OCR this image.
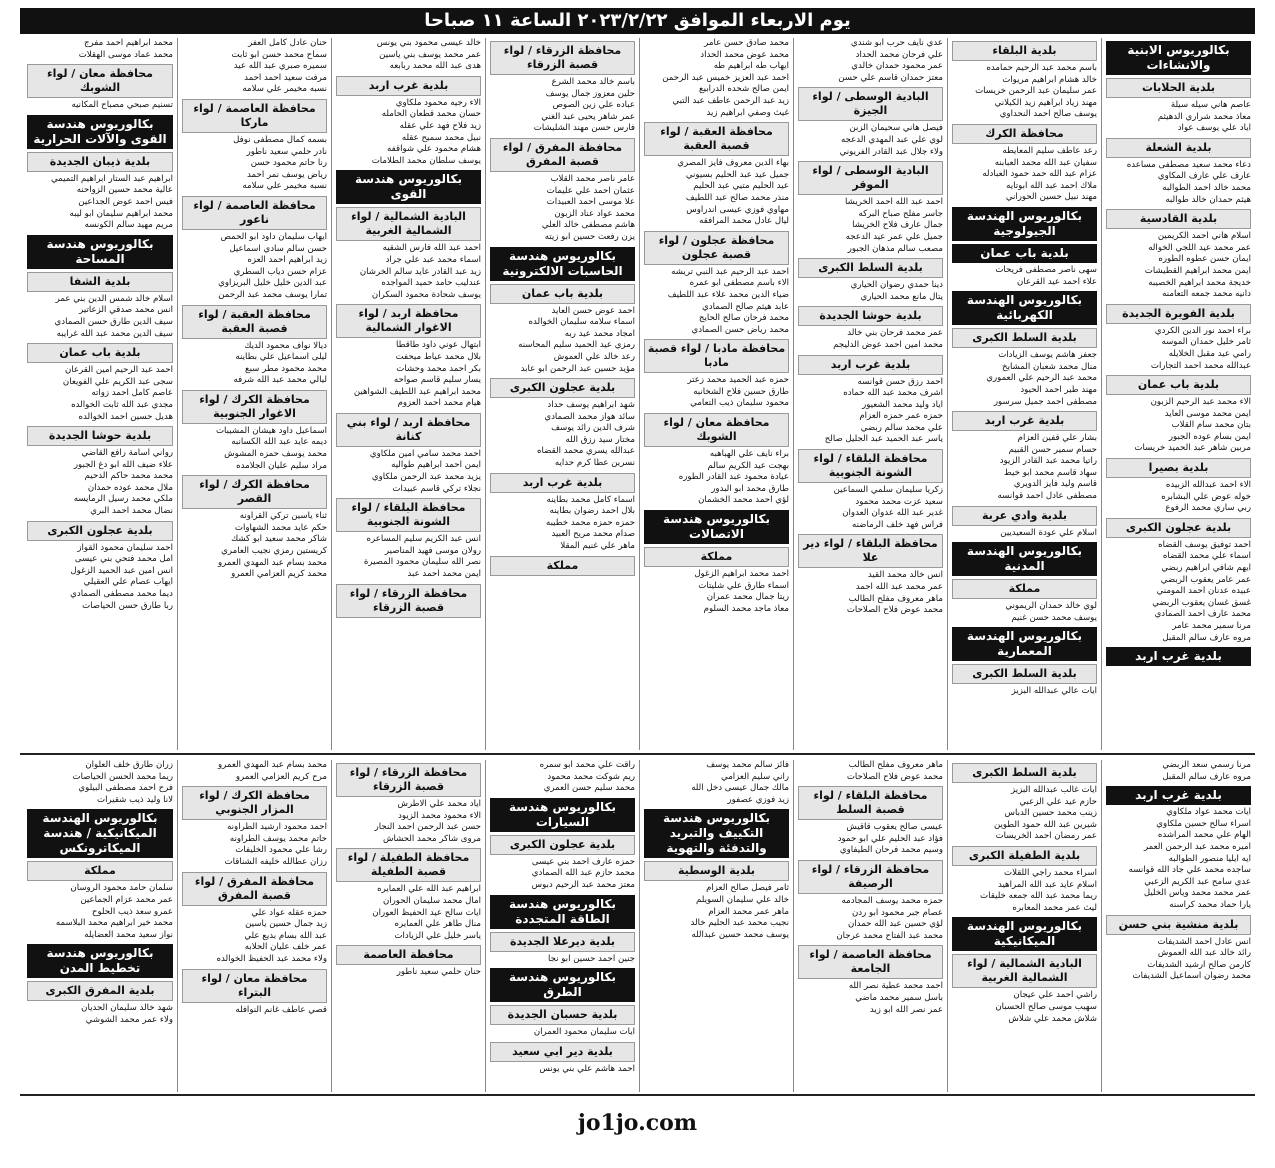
يوم الاربعاء الموافق ٢٠٢٣/٢/٢٢ الساعة ١١ صباحا
بكالوريوس الابنية والانشاءات
بلدية الحلابات
عاصم هاني سيله سيلة
معاذ محمد شراري الدهيثم
اياد علي يوسف عواد
بلدية الشعلة
دعاء محمد سعيد مصطفى مساعده
عارف علي عارف المكاوي
محمد خالد احمد الطوالبه
هيثم حمدان خالد طوالبه
بلدية القادسية
اسلام هاني احمد الكريمين
عمر محمد عيد اللجي الخواله
ايمان حسن عطوه الطوره
ايمن محمد ابراهيم القطيشات
خديجة محمد ابراهيم الخصيبه
دانيه محمد جمعه التعامنه
بلدية الفويرة الجديدة
براء احمد نور الدين الكردي
ثامر خليل حمدان الموسه
رامي عيد مقبل الخلايله
عبدالله محمد احمد التجارات
بلدية باب عمان
الاء محمد عبد الرحيم الزبون
ايمن محمد موسى العايد
بتان محمد سام القلاب
ايمن بسام عوده الجبور
مربين شاهر عبد الحميد خريسات
بلدية بصيرا
الاء احمد عبدالله الزبيده
خوله عوض علي البشابره
ربي ساري محمد الرفوع
بلدية عجلون الكبرى
احمد توفيق يوسف القضاه
اسماء علي محمد القضاه
ايهم شافي ابراهيم ربضي
عمر عامر يعقوب الربضي
عبيده عدنان احمد المومني
غسق غسان يعقوب الربضي
محمد عارف احمد الصمادي
مرنا سمير محمد عامر
مروه عارف سالم المقبل
بلدية غرب اربد
بلدية البلقاء
باسم محمد عبد الرحيم حمامده
خالد هشام ابراهيم مريوات
عمر سليمان عبد الرحمن خريسات
مهند زياد ابراهيم زيد الكيلاني
يوسف صالح احمد النحداوي
محافظة الكرك
رعد عاطف سليم المعايطه
سفيان عبد الله محمد العبابنه
عزام عبد الله حمد حمود العبادله
ملاك احمد عبد الله ابوتايه
مهند نبيل حسين الحوراني
بكالوريوس الهندسة الجيولوجية
بلدية باب عمان
سهى ناصر مصطفى فريحات
علاء احمد عيد القرعان
بكالوريوس الهندسة الكهربائية
بلدية السلط الكبرى
جعفر هاشم يوسف الزيادات
منال محمد شعبان المشايخ
محمد عبد الرحيم علي العموري
مهند طير احمد الحيود
مصطفى احمد جميل سرسور
بلدية غرب اربد
بشار علي قفين العزام
حسام سمير حسن القبيم
راتيا محمد عبد القادر الزيود
سهاد قاسم محمد ابو خيط
قاسم وليد فايز الدويري
مصطفى عادل احمد قوانسه
بلدية وادي عربة
اسلام علي عودة السعيديين
بكالوريوس الهندسة المدنية
مملكة
لوي خالد حمدان الريموني
يوسف محمد حسن غنيم
بكالوريوس الهندسة المعمارية
بلدية السلط الكبرى
ايات عالي عبدالله البزيز
عدي نايف حرب ابو شندي
علي فرحان محمد الحداد
عمر محمود حمدان خالدي
معتز حمدان قاسم علي حسن
البادية الوسطى / لواء الجيزة
فيصل هاني سحيمان الزبن
لوي علي عبد المهدي الدعجه
ولاء جلال عبد القادر الفريوني
البادية الوسطى / لواء الموقر
احمد عبد الله احمد الخريشا
جاسر مفلح صباح البركه
جمال عارف فلاح الخريشا
جميل علي عمر عيد الدعجه
مصعب سالم مذهان الجبور
بلدية السلط الكبرى
دينا حمدي رضوان الحياري
يتال مانع محمد الحياري
بلدية حوشا الجديدة
عمر محمد فرحان بني خالد
محمد امين احمد عوض الدليجم
بلدية غرب اربد
احمد رزق حسن قوانسه
اشرف محمد عبد الله حماده
اياد وليد محمد الشعيور
حمزه عمر حمزه العزام
علي محمد سالم ربضي
ياسر عبد الحميد عبد الجليل صالح
محافظة البلقاء / لواء الشونة الجنوبية
زكريا سليمان سلمي السماعين
سعيد عزت محمد محمود
غدير عبد الله عدوان العدوان
فراس فهد خلف الرماضنه
محافظة البلقاء / لواء دير علا
انس خالد محمد القيد
عمر محمد عبد الله احمد
ماهر معروف مفلح الطالب
محمد عوض فلاح الصلاحات
محمد صادق حسن عامر
محمد عوض محمد الحداد
ايهاب طه ابراهيم طه
احمد عبد العزيز خميس عبد الرحمن
ايمن صالح شحده الدرابيع
زيد عبد الرحمن عاطف عبد التبي
غيث وصفي ابراهيم زيد
محافظة العقبة / لواء قصبة العقبة
بهاء الدين معروف فايز المصري
جميل عيد عبد الحليم بسيوني
عيد الحليم متيي عبد الحليم
منذر محمد صالح عبد اللطيف
مهاوي فوزي عيسى اندراوس
ليال عادل محمد المرافقه
محافظة عجلون / لواء قصبة عجلون
احمد عبد الرحيم عبد النبي تريشه
الاء باسم مصطفى ابو عمره
ضياء الدين محمد علاء عبد اللطيف
عابد هيثم صالح الصمادي
محمد فرحان صالح الحايج
محمد رياض حسن الصمادي
محافظة مادبا / لواء قصبة مادبا
حمزه عبد الحميد محمد زعتر
طارق حسين فلاح الشخانبه
محمود سليمان ذيب التعامي
محافظة معان / لواء الشوبك
براء نايف علي الهباهبه
بهجت عيد الكريم سالم
عيادة محمود عبد القادر الطوره
طارق محمد ابو البدور
لؤي احمد محمد الخشمان
بكالوريوس هندسة الاتصالات
مملكة
احمد محمد ابراهيم الزغول
اسماء طارق علي شليتات
ريتا جمال محمد عمران
معاذ ماجد محمد السلوم
محافظة الزرقاء / لواء قصبة الزرقاء
باسم خالد محمد الشرع
حلين معزوز جمال يوسف
عباده علي زين الصوص
عمر شاهر يحيى عبد الغني
فارس حسن مهند الشليشات
محافظة المفرق / لواء قصبة المفرق
عامر ناصر محمد القلاب
عثمان احمد علي عليمات
علا موسى احمد العبيدات
محمد عواد عناد الزبون
هاشم مصطفى خالد العلي
يزن رفعت حسين ابو زيته
بكالوريوس هندسة الحاسبات الالكترونية
بلدية باب عمان
احمد عوض حسن العايد
اسماء سلامه سليمان الخوالده
امجاد محمد عيد ربه
رمزي عيد الحميد سليم المحاسنه
رعد خالد علي العموش
مؤيد حسين عبد الرحمن ابو عابد
بلدية عجلون الكبرى
شهد ابراهيم يوسف حداد
سائد هواز محمد الصمادي
شرف الدين رائد يوسف
مختار سيد رزق الله
عبدالله يسري محمد القضاه
نسرين عطا كرم حدايه
بلدية غرب اربد
اسماء كامل محمد بطاينه
بلال احمد رضوان بطاينه
حمزه حمزه محمد خطيبه
صدام محمد مريح العبيد
ماهر علي غنيم المقلا
مملكة
خالد عيسى محمود بني يونس
عمر محمد يوسف بني ياسين
هدى عبد الله محمد ربابعه
بلدية غرب اربد
الاء رجيه محمود ملكاوي
حسان محمد قطعان الحامله
زيد فلاح فهد علي عقله
نبيل محمد سميح عقله
هشام محمود علي شواقفه
يوسف سلطان محمد الطلامات
بكالوريوس هندسة القوى
البادية الشمالية / لواء الشمالية الغربية
احمد عبد الله فارس الشقيه
اسماء محمد عبد علي جراد
زيد عبد القادر عايد سالم الخرشان
عندليب حامد حميد المواجده
يوسف شحادة محمود السكران
محافظة اربد / لواء الاغوار الشمالية
ابتهال عوني داود طاقطا
بلال محمد عياط ميحفت
بكر احمد محمد وحشات
يسار سليم قاسم صواحه
محمد ابراهيم عبد اللطيف الشواهين
هيام محمد احمد العزوم
محافظة اربد / لواء بني كنانة
احمد محمد سامي امين ملكاوي
ايمن احمد ابراهيم طواليه
يزيد محمد عبد الرحمن ملكاوي
نجلاء تركي قاسم عبيدات
محافظة البلقاء / لواء الشونة الجنوبية
انس عبد الكريم سليم المساعره
رولان موسى فهيد المناصير
نصر الله سليمان محمود المصيرة
ايمن محمد احمد عبد
محافظة الزرقاء / لواء قصبة الزرقاء
حنان عادل كامل العفر
سماح محمد حسن ابو ثابت
سميره صبري عبد الله عيد
مرفت سعيد احمد احمد
نسبه مخيمر علي سلامه
محافظة العاصمة / لواء ماركا
بسمه كمال مصطفى نوفل
نادر حلمي سعيد ناطور
رنا حاتم محمود حسن
رياض يوسف نمر احمد
نسبه مخيمر علي سلامه
محافظة العاصمة / لواء ناعور
ايهاب سليمان داود ابو الحمص
حسن سالم سادي اسماعيل
زيد ابراهيم احمد العزه
عزام حسن دياب السطري
عبد الدين خليل خليل البريزاوي
تمارا يوسف محمد عبد الرحمن
محافظة العقبة / لواء قصبة العقبة
ديالا نواف محمود الديك
ليلى اسماعيل علي بطاينه
محمد محمود مطر سبع
ليالي محمد عبد الله شرفه
محافظة الكرك / لواء الاغوار الجنوبية
اسماعيل داود هيشان المشيبات
ديمه عايد عبد الله الكسانبه
محمد يوسف حمزه المشوش
مراد سليم عليان الجلامده
محافظة الكرك / لواء القصر
ثناء ياسين تركي القراونه
حكم عايد محمد الشهاوات
شاكر محمد سعيد ابو كشك
كريستين رمزي نجيب العامري
محمد بسام عبد المهدي العمرو
محمد كريم العزامي العمرو
محمد ابراهيم احمد مفرج
محمد عماد موسى الهقلات
محافظة معان / لواء الشوبك
تسنيم صبحي مصباح المكانيه
بكالوريوس هندسة القوى والآلات الحرارية
بلدية ذيبان الجديدة
ابراهيم عبد الستار ابراهيم التميمي
عالية محمد حسين الزواحنه
فيس احمد عوض الجداعين
محمد ابراهيم سليمان ابو ليبه
مريم مهيد سالم الكونسه
بكالوريوس هندسة المساحة
بلدية الشفا
اسلام خالد شمس الدين بني عمر
انس محمد صدقي الزعاتير
سيف الدين طارق حسن الصمادي
سيف الدين محمد عبد الله غرايبه
بلدية باب عمان
احمد عبد الرحيم امين القرعان
سجى عبد الكريم علي الفويعان
عاصم كامل احمد زواته
مجدي عبد الله ثابت الخوالده
هديل حسين احمد الخوالده
بلدية حوشا الجديدة
رواني اسامة رافع القاضي
علاء ضيف الله ابو دغ الجبور
محمد محمد حاكم الدحيم
ملال محمد عوده حمدان
ملكي محمد رسيل الرمايسه
نضال محمد احمد البري
بلدية عجلون الكبرى
احمد سليمان محمود القواز
امل محمد فتحي بني عيسى
انس امين عبد الحميد الزغول
ايهاب عصام علي العقيلي
ديما محمد مصطفى الصمادي
ربا طارق حسن الحياصات
مرنا رسمي سعد الربضي
مروه عارف سالم المقبل
بلدية غرب اربد
ايات محمد عواد ملكاوي
اسراء سالح حسين ملكاوي
الهام علي محمد المراشده
اميره محمد عبد الرحمن العمر
ايه ايليا منصور الطوالبه
ساجده محمد علي جاد الله قوانسه
عدي سامح عبد الكريم الزعبي
عمر محمد محمد وياس الخليل
يارا حماد محمد كراسنه
بلدية منشية بني حسن
انس عادل احمد الشديفات
رائد خالد عبد الله العموش
كارمن صالح ارشيد الشديفات
محمد رضوان اسماعيل الشديفات
بلدية السلط الكبرى
ايات غالب عبدالله البزيز
حازم عيد علي الزعبي
زينب محمد حسين الدباس
شيرين عبد الله حمود الطوين
عمر رمضان احمد الخريسات
بلدية الطفيلة الكبرى
اسراء محمد راجي اللقلات
اسلام عايد عبد الله المراهيد
ريما محمد عبد الله جمعه خليقات
ليث عمر محمد المعابره
بكالوريوس الهندسة الميكانيكية
البادية الشمالية / لواء الشمالية الغربية
راشي احمد علي عيجان
سهيب موسى صالح الحسبان
شلاش محمد علي شلاش
ماهر معروف مفلح الطالب
محمد عوض فلاح الصلاحات
محافظة البلقاء / لواء قصبة السلط
عيسى صالح يعقوب قاقيش
فؤاد عبد الحليم علي ابو حمود
وسيم محمد فرحان الطيفاوي
محافظة الزرقاء / لواء الرصيفة
حمزه محمد يوسف المجادمه
عصام جبر محمود ابو ردن
لؤي حسين عبد الله حمدان
محمد عبد الفتاح محمد عرجان
محافظة العاصمة / لواء الجامعة
احمد محمد عطية نصر الله
باسل سمير محمد ماضي
عمر نصر الله ابو زيد
فائز سالم محمد يوسف
راني سليم العزامي
مالك جمال عيسى دخل الله
زيد فوزي عصفور
بكالوريوس هندسة التكييف والتبريد والتدفئة والتهوية
بلدية الوسطية
ثامر فيصل صالح العزام
خالد علي سليمان السويلم
ماهر عمر محمد العزام
نجيب محمد عبد الحليم خالد
يوسف محمد حسين عبدالله
راقت علي محمد ابو سمره
ريم شوكت محمد محمود
محمد سليم حسن العمري
بكالوريوس هندسة السيارات
بلدية عجلون الكبرى
حمزه عارف احمد بني عيسى
محمد حازم عبد الله الصمادي
معتز محمد عبد الرحيم دبوس
بكالوريوس هندسة الطاقة المتجددة
بلدية ديرعلا الجديدة
جنين احمد حسين ابو نجا
بكالوريوس هندسة الطرق
بلدية حسبان الجديدة
ايات سليمان محمود العمران
بلدية دير ابي سعيد
احمد هاشم علي بني يونس
محافظة الزرقاء / لواء قصبة الزرقاء
اياد محمد علي الاطرش
الاء محمود محمد الزيود
حسن عبد الرحمن احمد النجار
مروى شاكر محمد الحشاش
محافظة الطفيلة / لواء قصبة الطفيلة
ابراهيم عبد الله علي العمايره
امال محمد سليمان الحوران
ايات سالح عيد الحفيظ العوران
منال طاهر علي العمايره
ياسر خليل علي الزيادات
محافظة العاصمة
حنان حلمي سعيد ناطور
محمد بسام عبد المهدي العمرو
مرح كريم العزامي العمرو
محافظة الكرك / لواء المزار الجنوبي
احمد محمود ارشيد الطراونه
حاتم محمد يوسف الطراونه
رشا علي محمود الخليفات
رزان عطالله خليفه الشناقات
محافظة المفرق / لواء قصبة المفرق
حمزه عقله عواد علي
زيد جمال حسين ياسين
عبد الله بسام بديع علي
عمر خلف عليان الحلابه
ولاء محمد عبد الحفيظ الخوالده
محافظة معان / لواء البتراء
قصي عاطف غانم النوافله
زران طارق خلف العلوان
ريما محمد الحسن الحياصات
فرح احمد مصطفى البيلوي
لانا وليد ذيب شقيرات
بكالوريوس الهندسة الميكانيكية / هندسة الميكاترونكس
مملكة
سلمان حامد محمود الروسان
عمر محمد عزام الجماعين
عمرو سعد ذيب الحلوح
محمد خير ابراهيم محمد البلاسمه
نواز سعيد محمد العضايله
بكالوريوس هندسة تخطيط المدن
بلدية المفرق الكبرى
شهد خالد سليمان الحديان
ولاء عمر محمد الشوشي
jo1jo.com
